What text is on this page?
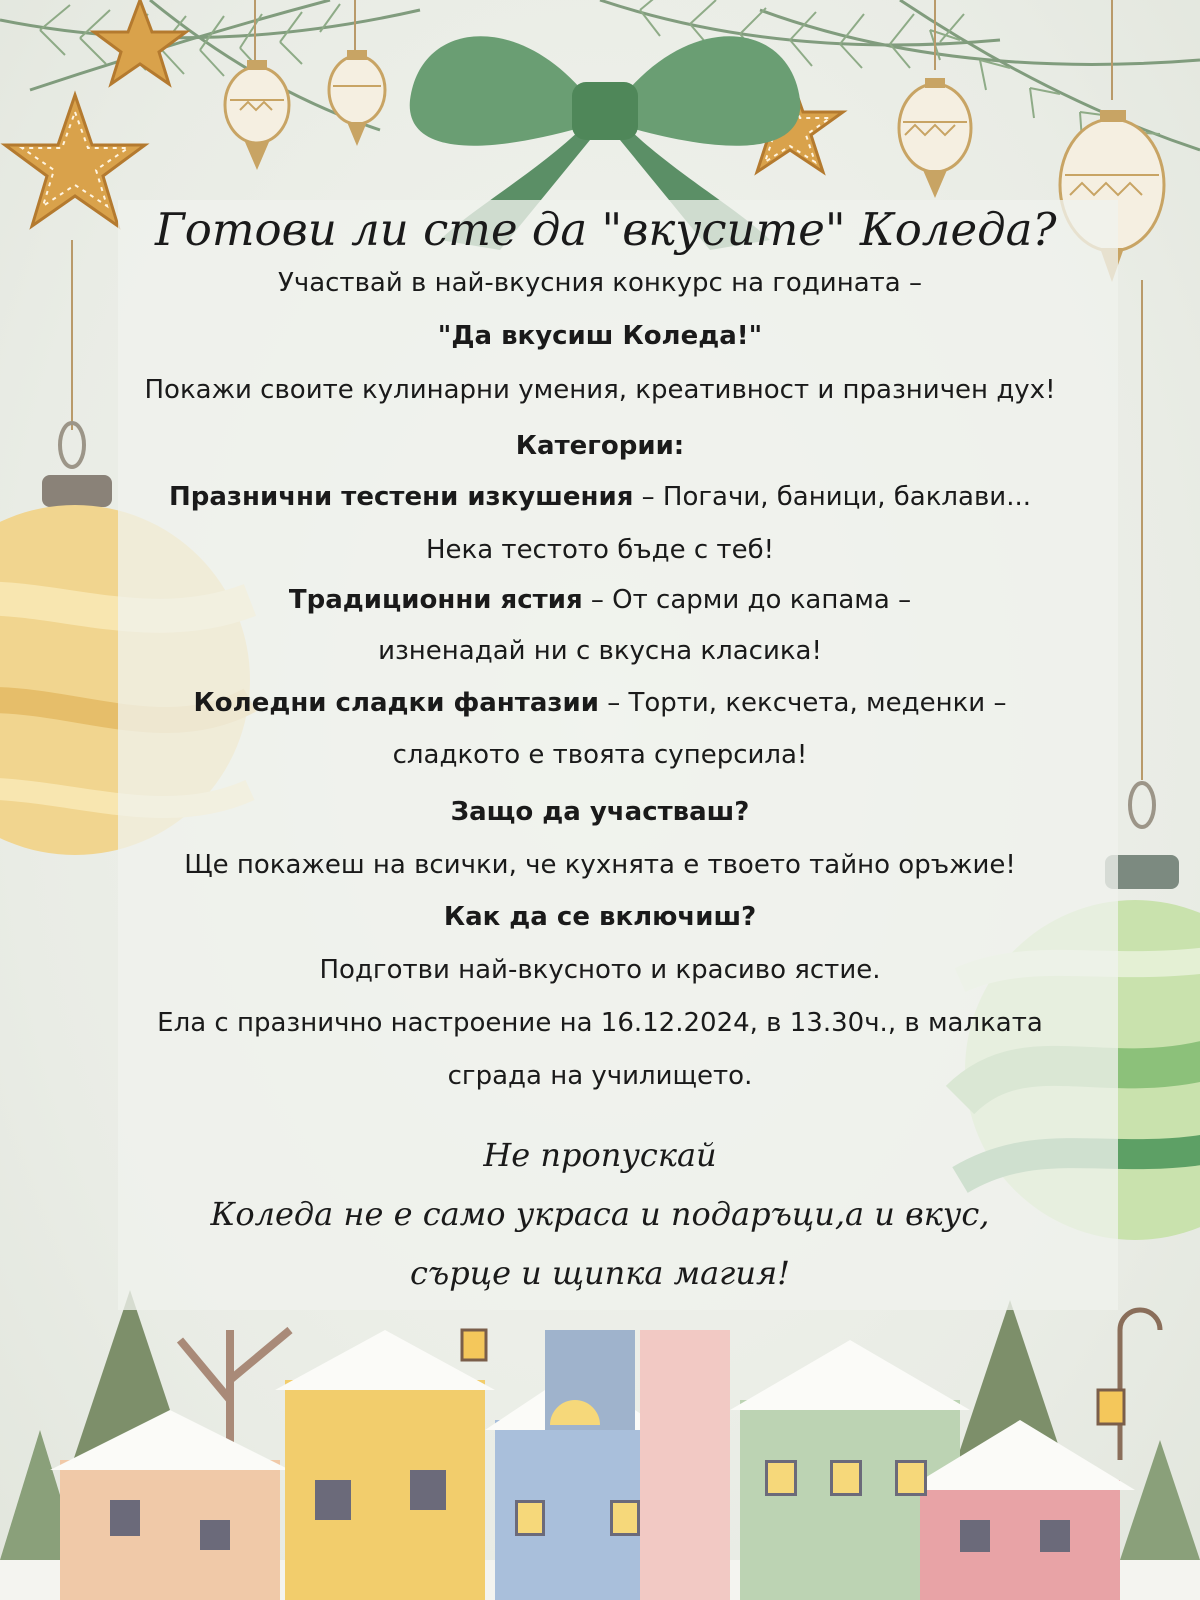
Готови ли сте да "вкусите" Коледа?
Участвай в най-вкусния конкурс на годината –
"Да вкусиш Коледа!"
Покажи своите кулинарни умения, креативност и празничен дух!
Категории:
Празнични тестени изкушения – Погачи, баници, баклави...
Нека тестото бъде с теб!
Традиционни ястия – От сарми до капама –
изненадай ни с вкусна класика!
Коледни сладки фантазии – Торти, кексчета, меденки –
сладкото е твоята суперсила!
Защо да участваш?
Ще покажеш на всички, че кухнята е твоето тайно оръжие!
Как да се включиш?
Подготви най-вкусното и красиво ястие.
Ела с празнично настроение на 16.12.2024, в 13.30ч., в малката
сграда на училището.
Не пропускай
Коледа не е само украса и подаръци,а и вкус,
сърце и щипка магия!
